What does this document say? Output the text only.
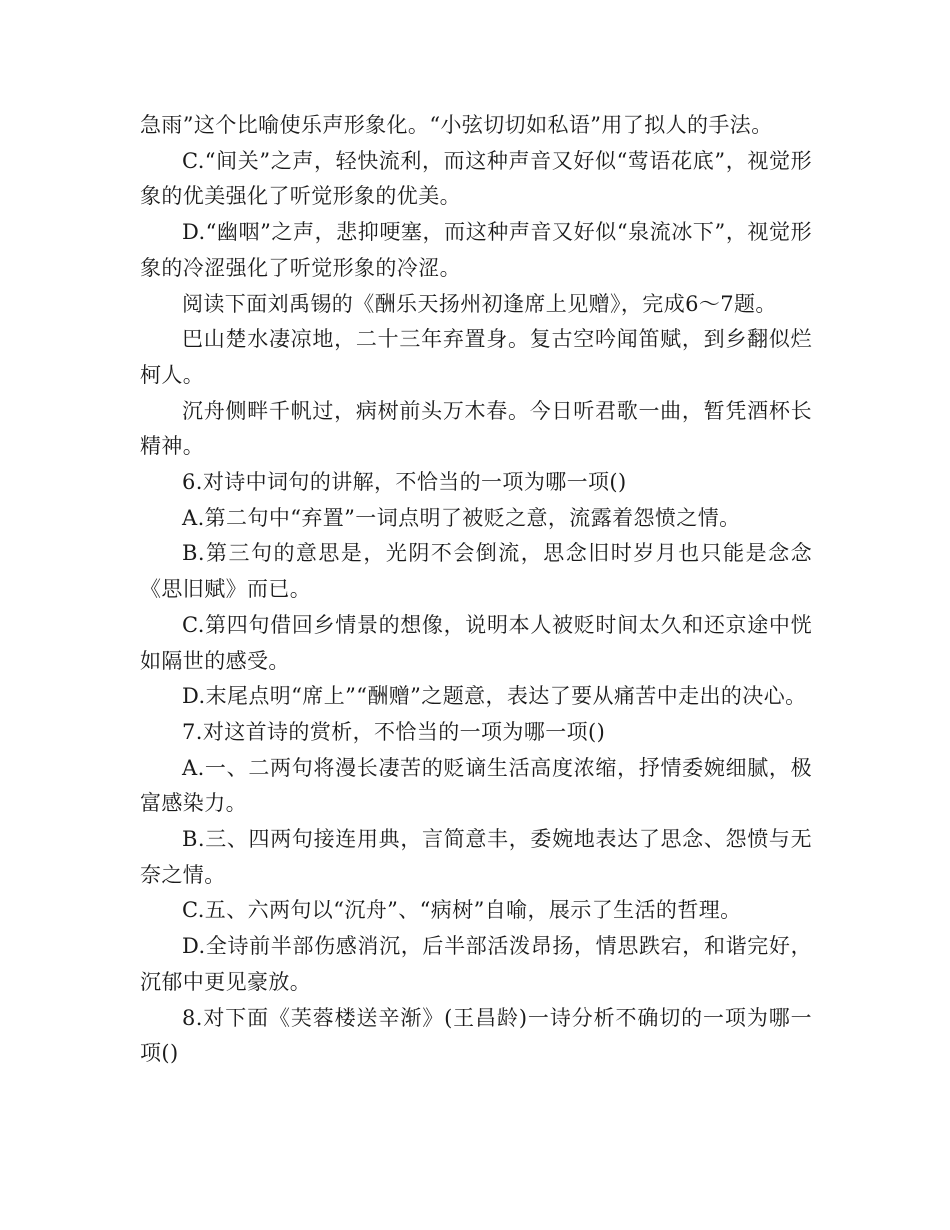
急雨”这个比喻使乐声形象化。“小弦切切如私语”用了拟人的手法。

C.“间关”之声，轻快流利，而这种声音又好似“莺语花底”，视觉形象的优美强化了听觉形象的优美。

D.“幽咽”之声，悲抑哽塞，而这种声音又好似“泉流冰下”，视觉形象的冷涩强化了听觉形象的冷涩。

阅读下面刘禹锡的《酬乐天扬州初逢席上见赠》，完成6～7题。

巴山楚水凄凉地，二十三年弃置身。复古空吟闻笛赋，到乡翻似烂柯人。

沉舟侧畔千帆过，病树前头万木春。今日听君歌一曲，暂凭酒杯长精神。

6.对诗中词句的讲解，不恰当的一项为哪一项()

A.第二句中“弃置”一词点明了被贬之意，流露着怨愤之情。

B.第三句的意思是，光阴不会倒流，思念旧时岁月也只能是念念《思旧赋》而已。

C.第四句借回乡情景的想像，说明本人被贬时间太久和还京途中恍如隔世的感受。

D.末尾点明“席上”“酬赠”之题意，表达了要从痛苦中走出的决心。

7.对这首诗的赏析，不恰当的一项为哪一项()

A.一、二两句将漫长凄苦的贬谪生活高度浓缩，抒情委婉细腻，极富感染力。

B.三、四两句接连用典，言简意丰，委婉地表达了思念、怨愤与无奈之情。

C.五、六两句以“沉舟”、“病树”自喻，展示了生活的哲理。

D.全诗前半部伤感消沉，后半部活泼昂扬，情思跌宕，和谐完好，沉郁中更见豪放。

8.对下面《芙蓉楼送辛渐》(王昌龄)一诗分析不确切的一项为哪一项()
